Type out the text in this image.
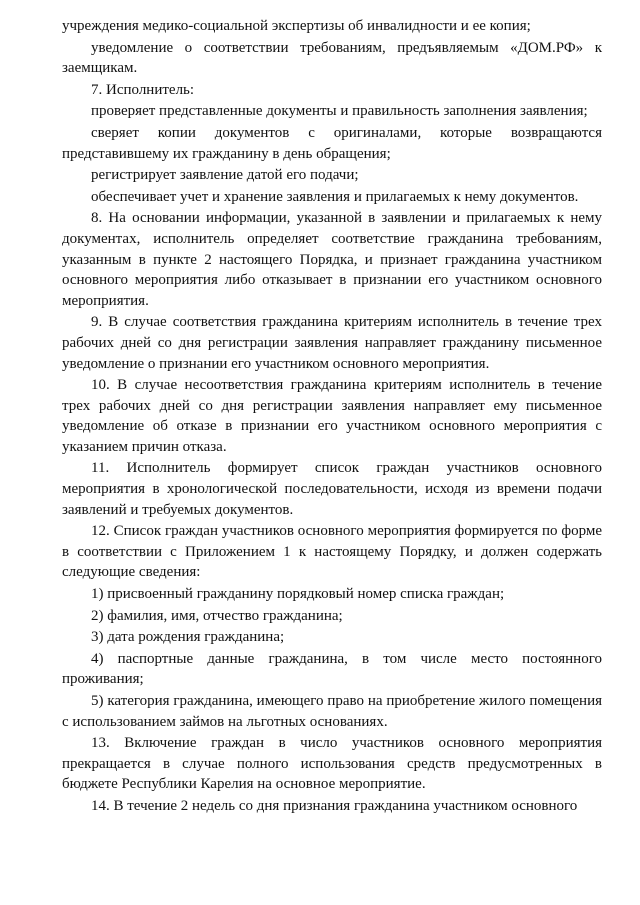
учреждения медико-социальной экспертизы об инвалидности и ее копия;

уведомление о соответствии требованиям, предъявляемым «ДОМ.РФ» к заемщикам.

7. Исполнитель:

проверяет представленные документы и правильность заполнения заявления;

сверяет копии документов с оригиналами, которые возвращаются представившему их гражданину в день обращения;

регистрирует заявление датой его подачи;

обеспечивает учет и хранение заявления и прилагаемых к нему документов.

8. На основании информации, указанной в заявлении и прилагаемых к нему документах, исполнитель определяет соответствие гражданина требованиям, указанным в пункте 2 настоящего Порядка, и признает гражданина участником основного мероприятия либо отказывает в признании его участником основного мероприятия.

9. В случае соответствия гражданина критериям исполнитель в течение трех рабочих дней со дня регистрации заявления направляет гражданину письменное уведомление о признании его участником основного мероприятия.

10. В случае несоответствия гражданина критериям исполнитель в течение трех рабочих дней со дня регистрации заявления направляет ему письменное уведомление об отказе в признании его участником основного мероприятия с указанием причин отказа.

11. Исполнитель формирует список граждан участников основного мероприятия в хронологической последовательности, исходя из времени подачи заявлений и требуемых документов.

12. Список граждан участников основного мероприятия формируется по форме в соответствии с Приложением 1 к настоящему Порядку, и должен содержать следующие сведения:

1) присвоенный гражданину порядковый номер списка граждан;

2) фамилия, имя, отчество гражданина;

3) дата рождения гражданина;

4) паспортные данные гражданина, в том числе место постоянного проживания;

5) категория гражданина, имеющего право на приобретение жилого помещения с использованием займов на льготных основаниях.

13. Включение граждан в число участников основного мероприятия прекращается в случае полного использования средств предусмотренных в бюджете Республики Карелия на основное мероприятие.

14. В течение 2 недель со дня признания гражданина участником основного
